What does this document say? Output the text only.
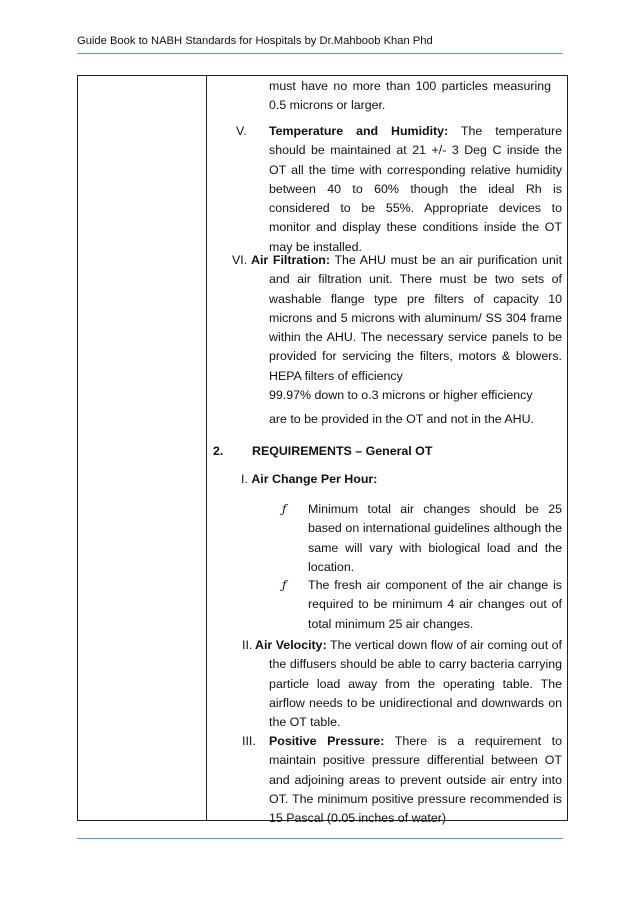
Guide Book to NABH Standards for Hospitals by Dr.Mahboob Khan Phd

must have no more than 100 particles measuring 0.5 microns or larger.

V. Temperature and Humidity: The temperature should be maintained at 21 +/- 3 Deg C inside the OT all the time with corresponding relative humidity between 40 to 60% though the ideal Rh is considered to be 55%. Appropriate devices to monitor and display these conditions inside the OT may be installed.

VI. Air Filtration: The AHU must be an air purification unit and air filtration unit. There must be two sets of washable flange type pre filters of capacity 10 microns and 5 microns with aluminum/ SS 304 frame within the AHU. The necessary service panels to be provided for servicing the filters, motors & blowers. HEPA filters of efficiency

99.97% down to o.3 microns or higher efficiency

are to be provided in the OT and not in the AHU.

2. REQUIREMENTS – General OT
I. Air Change Per Hour:
ƒ Minimum total air changes should be 25 based on international guidelines although the same will vary with biological load and the location.

ƒ The fresh air component of the air change is required to be minimum 4 air changes out of total minimum 25 air changes.

II. Air Velocity: The vertical down flow of air coming out of the diffusers should be able to carry bacteria carrying particle load away from the operating table. The airflow needs to be unidirectional and downwards on the OT table.

III. Positive Pressure: There is a requirement to maintain positive pressure differential between OT and adjoining areas to prevent outside air entry into OT. The minimum positive pressure recommended is 15 Pascal (0.05 inches of water)
